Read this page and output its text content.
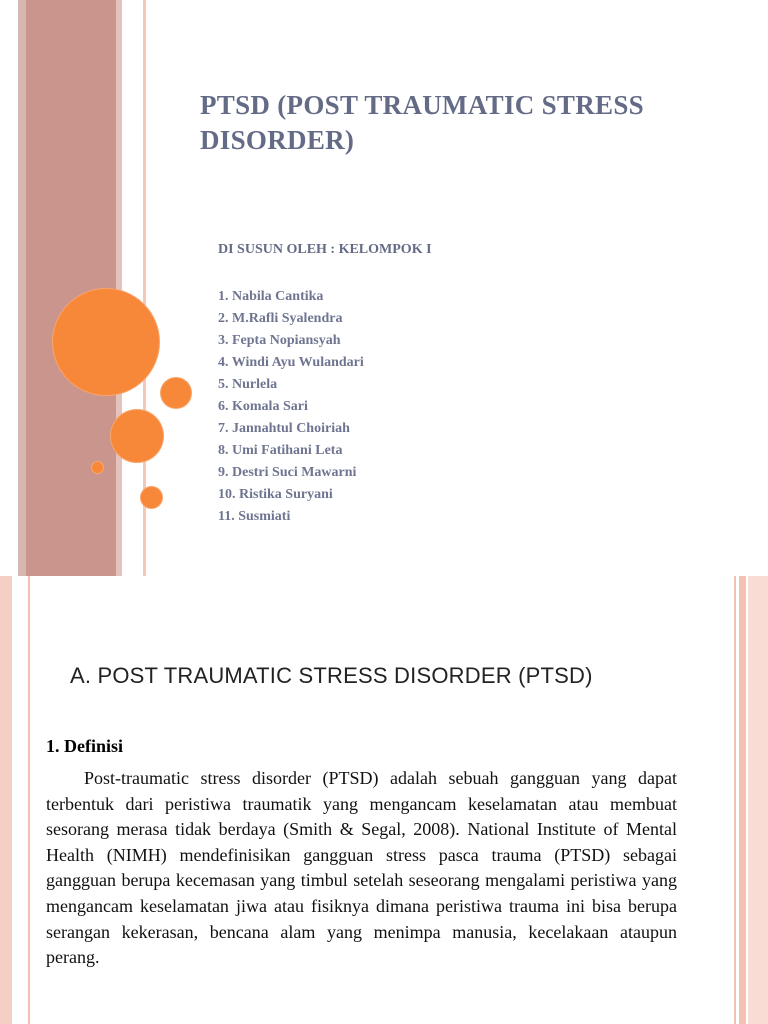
PTSD (POST TRAUMATIC STRESS DISORDER)
DI SUSUN OLEH : KELOMPOK I
1. Nabila Cantika
2. M.Rafli Syalendra
3. Fepta Nopiansyah
4. Windi Ayu Wulandari
5. Nurlela
6. Komala Sari
7. Jannahtul Choiriah
8. Umi Fatihani Leta
9. Destri Suci Mawarni
10. Ristika Suryani
11. Susmiati
A. POST TRAUMATIC STRESS DISORDER (PTSD)
1. Definisi

Post-traumatic stress disorder (PTSD) adalah sebuah gangguan yang dapat terbentuk dari peristiwa traumatik yang mengancam keselamatan atau membuat sesorang merasa tidak berdaya (Smith & Segal, 2008). National Institute of Mental Health (NIMH) mendefinisikan gangguan stress pasca trauma (PTSD) sebagai gangguan berupa kecemasan yang timbul setelah seseorang mengalami peristiwa yang mengancam keselamatan jiwa atau fisiknya dimana peristiwa trauma ini bisa berupa serangan kekerasan, bencana alam yang menimpa manusia, kecelakaan ataupun perang.
